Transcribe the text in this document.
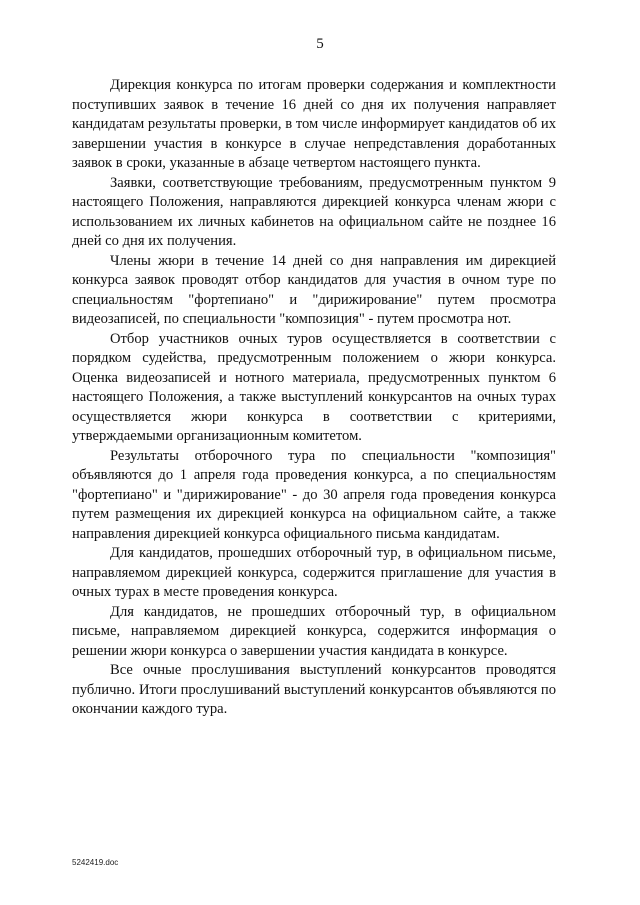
5

Дирекция конкурса по итогам проверки содержания и комплектности поступивших заявок в течение 16 дней со дня их получения направляет кандидатам результаты проверки, в том числе информирует кандидатов об их завершении участия в конкурсе в случае непредставления доработанных заявок в сроки, указанные в абзаце четвертом настоящего пункта.

Заявки, соответствующие требованиям, предусмотренным пунктом 9 настоящего Положения, направляются дирекцией конкурса членам жюри с использованием их личных кабинетов на официальном сайте не позднее 16 дней со дня их получения.

Члены жюри в течение 14 дней со дня направления им дирекцией конкурса заявок проводят отбор кандидатов для участия в очном туре по специальностям "фортепиано" и "дирижирование" путем просмотра видеозаписей, по специальности "композиция" - путем просмотра нот.

Отбор участников очных туров осуществляется в соответствии с порядком судейства, предусмотренным положением о жюри конкурса. Оценка видеозаписей и нотного материала, предусмотренных пунктом 6 настоящего Положения, а также выступлений конкурсантов на очных турах осуществляется жюри конкурса в соответствии с критериями, утверждаемыми организационным комитетом.

Результаты отборочного тура по специальности "композиция" объявляются до 1 апреля года проведения конкурса, а по специальностям "фортепиано" и "дирижирование" - до 30 апреля года проведения конкурса путем размещения их дирекцией конкурса на официальном сайте, а также направления дирекцией конкурса официального письма кандидатам.

Для кандидатов, прошедших отборочный тур, в официальном письме, направляемом дирекцией конкурса, содержится приглашение для участия в очных турах в месте проведения конкурса.

Для кандидатов, не прошедших отборочный тур, в официальном письме, направляемом дирекцией конкурса, содержится информация о решении жюри конкурса о завершении участия кандидата в конкурсе.

Все очные прослушивания выступлений конкурсантов проводятся публично. Итоги прослушиваний выступлений конкурсантов объявляются по окончании каждого тура.

5242419.doc
